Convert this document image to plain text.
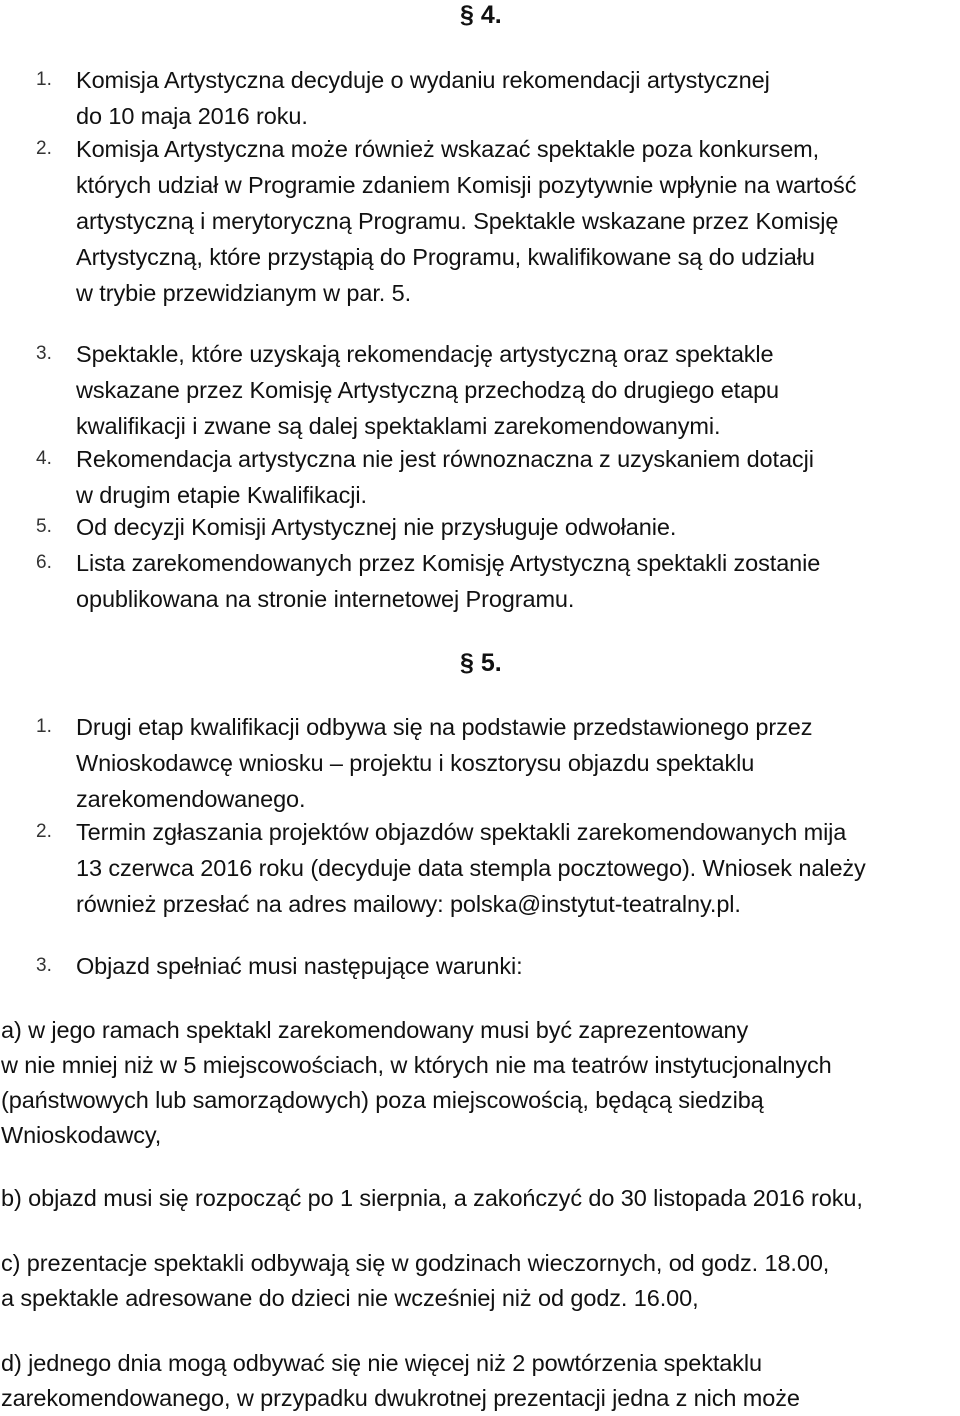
§ 4.
1. Komisja Artystyczna decyduje o wydaniu rekomendacji artystycznej
do 10 maja 2016 roku.
2. Komisja Artystyczna może również wskazać spektakle poza konkursem,
których udział w Programie zdaniem Komisji pozytywnie wpłynie na wartość
artystyczną i merytoryczną Programu. Spektakle wskazane przez Komisję
Artystyczną, które przystąpią do Programu, kwalifikowane są do udziału
w trybie przewidzianym w par. 5.
3. Spektakle, które uzyskają rekomendację artystyczną oraz spektakle
wskazane przez Komisję Artystyczną przechodzą do drugiego etapu
kwalifikacji i zwane są dalej spektaklami zarekomendowanymi.
4. Rekomendacja artystyczna nie jest równoznaczna z uzyskaniem dotacji
w drugim etapie Kwalifikacji.
5. Od decyzji Komisji Artystycznej nie przysługuje odwołanie.
6. Lista zarekomendowanych przez Komisję Artystyczną spektakli zostanie
opublikowana na stronie internetowej Programu.
§ 5.
1. Drugi etap kwalifikacji odbywa się na podstawie przedstawionego przez
Wnioskodawcę wniosku – projektu i kosztorysu objazdu spektaklu
zarekomendowanego.
2. Termin zgłaszania projektów objazdów spektakli zarekomendowanych mija
13 czerwca 2016 roku (decyduje data stempla pocztowego). Wniosek należy
również przesłać na adres mailowy: polska@instytut-teatralny.pl.
3. Objazd spełniać musi następujące warunki:
a) w jego ramach spektakl zarekomendowany musi być zaprezentowany
w nie mniej niż w 5 miejscowościach, w których nie ma teatrów instytucjonalnych
(państwowych lub samorządowych) poza miejscowością, będącą siedzibą
Wnioskodawcy,
b) objazd musi się rozpocząć po 1 sierpnia, a zakończyć do 30 listopada 2016 roku,
c) prezentacje spektakli odbywają się w godzinach wieczornych, od godz. 18.00,
a spektakle adresowane do dzieci nie wcześniej niż od godz. 16.00,
d) jednego dnia mogą odbywać się nie więcej niż 2 powtórzenia spektaklu
zarekomendowanego, w przypadku dwukrotnej prezentacji jedna z nich może
